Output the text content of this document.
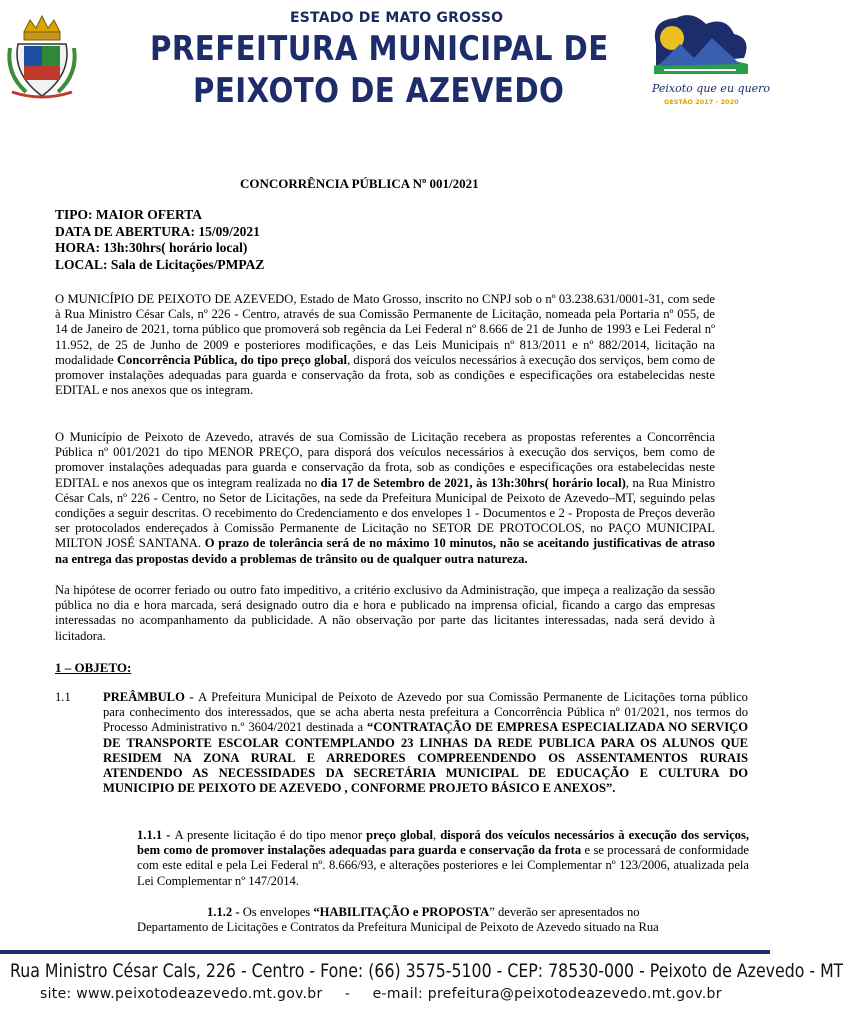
ESTADO DE MATO GROSSO
PREFEITURA MUNICIPAL DE
PEIXOTO DE AZEVEDO	Peixoto que eu quero
GESTÃO 2017 - 2020
CONCORRÊNCIA PÚBLICA Nº 001/2021
TIPO: MAIOR OFERTA
DATA DE ABERTURA: 15/09/2021
HORA: 13h:30hrs( horário local)
LOCAL: Sala de Licitações/PMPAZ
O MUNICÍPIO DE PEIXOTO DE AZEVEDO, Estado de Mato Grosso, inscrito no CNPJ sob o nº 03.238.631/0001-31, com sede à Rua Ministro César Cals, nº 226 - Centro, através de sua Comissão Permanente de Licitação, nomeada pela Portaria nº 055, de 14 de Janeiro de 2021, torna público que promoverá sob regência da Lei Federal nº 8.666 de 21 de Junho de 1993 e Lei Federal nº 11.952, de 25 de Junho de 2009 e posteriores modificações, e das Leis Municipais nº 813/2011 e nº 882/2014, licitação na modalidade Concorrência Pública, do tipo preço global, disporá dos veículos necessários à execução dos serviços, bem como de promover instalações adequadas para guarda e conservação da frota, sob as condições e especificações ora estabelecidas neste EDITAL e nos anexos que os integram.
O Município de Peixoto de Azevedo, através de sua Comissão de Licitação recebera as propostas referentes a Concorrência Pública nº 001/2021 do tipo MENOR PREÇO, para disporá dos veículos necessários à execução dos serviços, bem como de promover instalações adequadas para guarda e conservação da frota, sob as condições e especificações ora estabelecidas neste EDITAL e nos anexos que os integram realizada no dia 17 de Setembro de 2021, às 13h:30hrs( horário local), na Rua Ministro César Cals, nº 226 - Centro, no Setor de Licitações, na sede da Prefeitura Municipal de Peixoto de Azevedo–MT, seguindo pelas condições a seguir descritas. O recebimento do Credenciamento e dos envelopes 1 - Documentos e 2 - Proposta de Preços deverão ser protocolados endereçados à Comissão Permanente de Licitação no SETOR DE PROTOCOLOS, no PAÇO MUNICIPAL MILTON JOSÉ SANTANA. O prazo de tolerância será de no máximo 10 minutos, não se aceitando justificativas de atraso na entrega das propostas devido a problemas de trânsito ou de qualquer outra natureza.
Na hipótese de ocorrer feriado ou outro fato impeditivo, a critério exclusivo da Administração, que impeça a realização da sessão pública no dia e hora marcada, será designado outro dia e hora e publicado na imprensa oficial, ficando a cargo das empresas interessadas no acompanhamento da publicidade. A não observação por parte das licitantes interessadas, nada será devido à licitadora.
1 – OBJETO:
1.1	PREÂMBULO - A Prefeitura Municipal de Peixoto de Azevedo por sua Comissão Permanente de Licitações torna público para conhecimento dos interessados, que se acha aberta nesta prefeitura a Concorrência Pública nº 01/2021, nos termos do Processo Administrativo n.º 3604/2021 destinada a “CONTRATAÇÃO DE EMPRESA ESPECIALIZADA NO SERVIÇO DE TRANSPORTE ESCOLAR CONTEMPLANDO 23 LINHAS DA REDE PUBLICA PARA OS ALUNOS QUE RESIDEM NA ZONA RURAL E ARREDORES COMPREENDENDO OS ASSENTAMENTOS RURAIS ATENDENDO AS NECESSIDADES DA SECRETÁRIA MUNICIPAL DE EDUCAÇÃO E CULTURA DO MUNICIPIO DE PEIXOTO DE AZEVEDO , CONFORME PROJETO BÁSICO E ANEXOS”.
1.1.1 - A presente licitação é do tipo menor preço global, disporá dos veículos necessários à execução dos serviços, bem como de promover instalações adequadas para guarda e conservação da frota e se processará de conformidade com este edital e pela Lei Federal nº. 8.666/93, e alterações posteriores e lei Complementar nº 123/2006, atualizada pela Lei Complementar nº 147/2014.
1.1.2 - Os envelopes “HABILITAÇÃO e PROPOSTA” deverão ser apresentados no
Departamento de Licitações e Contratos da Prefeitura Municipal de Peixoto de Azevedo situado na Rua
Rua Ministro César Cals, 226 - Centro - Fone: (66) 3575-5100 - CEP: 78530-000 - Peixoto de Azevedo - MT
site: www.peixotodeazevedo.mt.gov.br - e-mail: prefeitura@peixotodeazevedo.mt.gov.br
